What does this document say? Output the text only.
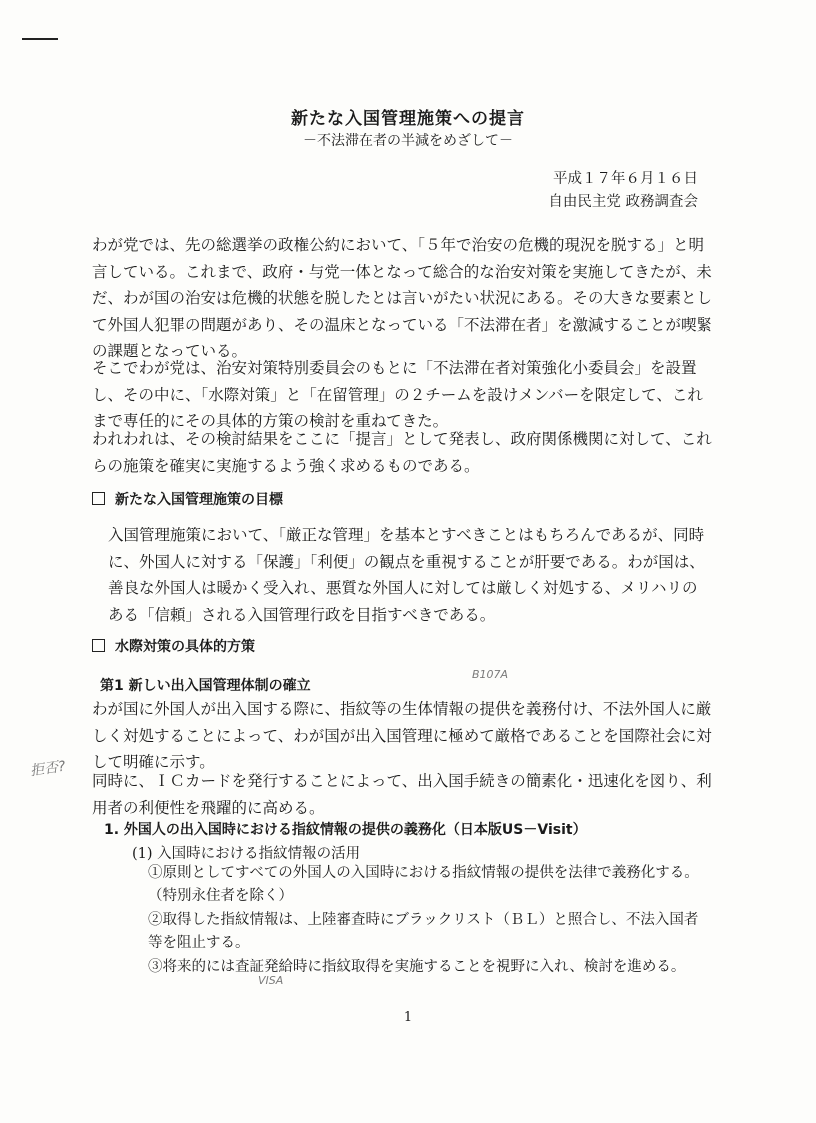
新たな入国管理施策への提言
－不法滞在者の半減をめざして－
平成１７年６月１６日
自由民主党 政務調査会

わが党では、先の総選挙の政権公約において、「５年で治安の危機的現況を脱する」と明言している。これまで、政府・与党一体となって総合的な治安対策を実施してきたが、未だ、わが国の治安は危機的状態を脱したとは言いがたい状況にある。その大きな要素として外国人犯罪の問題があり、その温床となっている「不法滞在者」を激減することが喫緊の課題となっている。

そこでわが党は、治安対策特別委員会のもとに「不法滞在者対策強化小委員会」を設置し、その中に、「水際対策」と「在留管理」の２チームを設けメンバーを限定して、これまで専任的にその具体的方策の検討を重ねてきた。

われわれは、その検討結果をここに「提言」として発表し、政府関係機関に対して、これらの施策を確実に実施するよう強く求めるものである。

新たな入国管理施策の目標

入国管理施策において、「厳正な管理」を基本とすべきことはもちろんであるが、同時に、外国人に対する「保護」「利便」の観点を重視することが肝要である。わが国は、善良な外国人は暖かく受入れ、悪質な外国人に対しては厳しく対処する、メリハリのある「信頼」される入国管理行政を目指すべきである。

水際対策の具体的方策
第1 新しい出入国管理体制の確立

わが国に外国人が出入国する際に、指紋等の生体情報の提供を義務付け、不法外国人に厳しく対処することによって、わが国が出入国管理に極めて厳格であることを国際社会に対して明確に示す。

同時に、ＩＣカードを発行することによって、出入国手続きの簡素化・迅速化を図り、利用者の利便性を飛躍的に高める。

1. 外国人の出入国時における指紋情報の提供の義務化（日本版US－Visit）
(1) 入国時における指紋情報の活用

①原則としてすべての外国人の入国時における指紋情報の提供を法律で義務化する。（特別永住者を除く）

②取得した指紋情報は、上陸審査時にブラックリスト（ＢＬ）と照合し、不法入国者等を阻止する。

③将来的には査証発給時に指紋取得を実施することを視野に入れ、検討を進める。

B107A
拒否?
VISA
1
